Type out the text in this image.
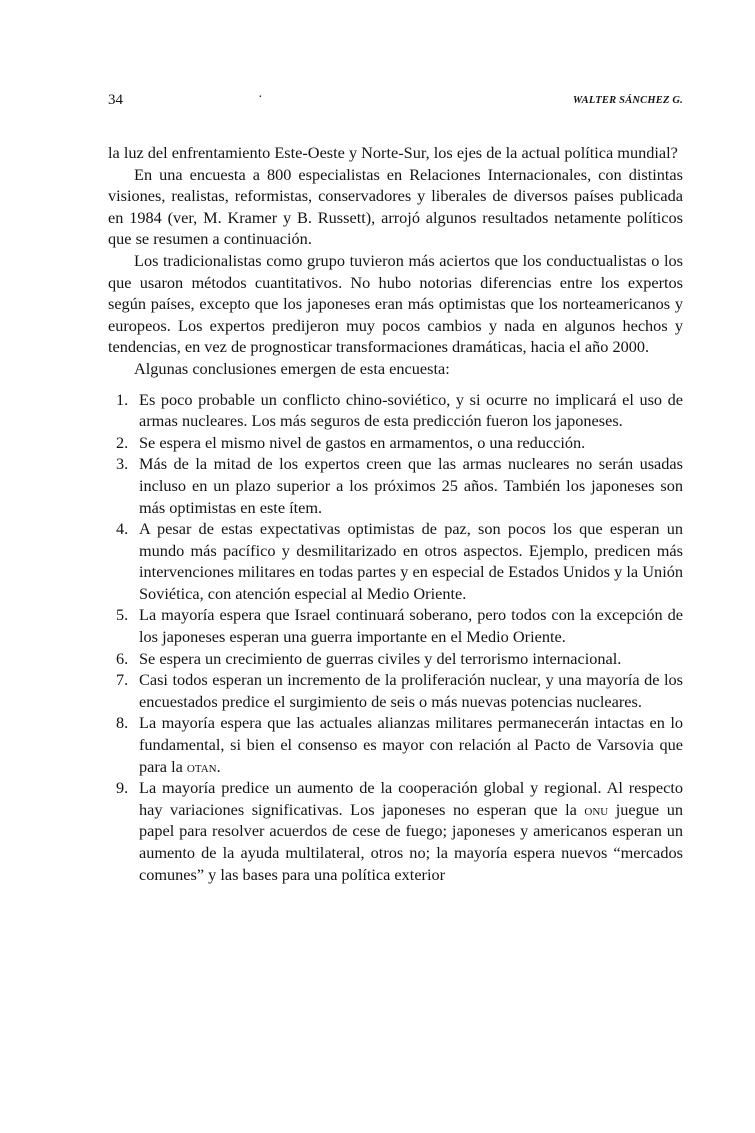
34	·	WALTER SÁNCHEZ G.

la luz del enfrentamiento Este-Oeste y Norte-Sur, los ejes de la actual política mundial?

En una encuesta a 800 especialistas en Relaciones Internacionales, con distintas visiones, realistas, reformistas, conservadores y liberales de diversos países publicada en 1984 (ver, M. Kramer y B. Russett), arrojó algunos resultados netamente políticos que se resumen a continuación.

Los tradicionalistas como grupo tuvieron más aciertos que los conductualistas o los que usaron métodos cuantitativos. No hubo notorias diferencias entre los expertos según países, excepto que los japoneses eran más optimistas que los norteamericanos y europeos. Los expertos predijeron muy pocos cambios y nada en algunos hechos y tendencias, en vez de prognosticar transformaciones dramáticas, hacia el año 2000.

Algunas conclusiones emergen de esta encuesta:

1. Es poco probable un conflicto chino-soviético, y si ocurre no implicará el uso de armas nucleares. Los más seguros de esta predicción fueron los japoneses.
2. Se espera el mismo nivel de gastos en armamentos, o una reducción.
3. Más de la mitad de los expertos creen que las armas nucleares no serán usadas incluso en un plazo superior a los próximos 25 años. También los japoneses son más optimistas en este ítem.
4. A pesar de estas expectativas optimistas de paz, son pocos los que esperan un mundo más pacífico y desmilitarizado en otros aspectos. Ejemplo, predicen más intervenciones militares en todas partes y en especial de Estados Unidos y la Unión Soviética, con atención especial al Medio Oriente.
5. La mayoría espera que Israel continuará soberano, pero todos con la excepción de los japoneses esperan una guerra importante en el Medio Oriente.
6. Se espera un crecimiento de guerras civiles y del terrorismo internacional.
7. Casi todos esperan un incremento de la proliferación nuclear, y una mayoría de los encuestados predice el surgimiento de seis o más nuevas potencias nucleares.
8. La mayoría espera que las actuales alianzas militares permanecerán intactas en lo fundamental, si bien el consenso es mayor con relación al Pacto de Varsovia que para la otan.
9. La mayoría predice un aumento de la cooperación global y regional. Al respecto hay variaciones significativas. Los japoneses no esperan que la onu juegue un papel para resolver acuerdos de cese de fuego; japoneses y americanos esperan un aumento de la ayuda multilateral, otros no; la mayoría espera nuevos “mercados comunes” y las bases para una política exterior
